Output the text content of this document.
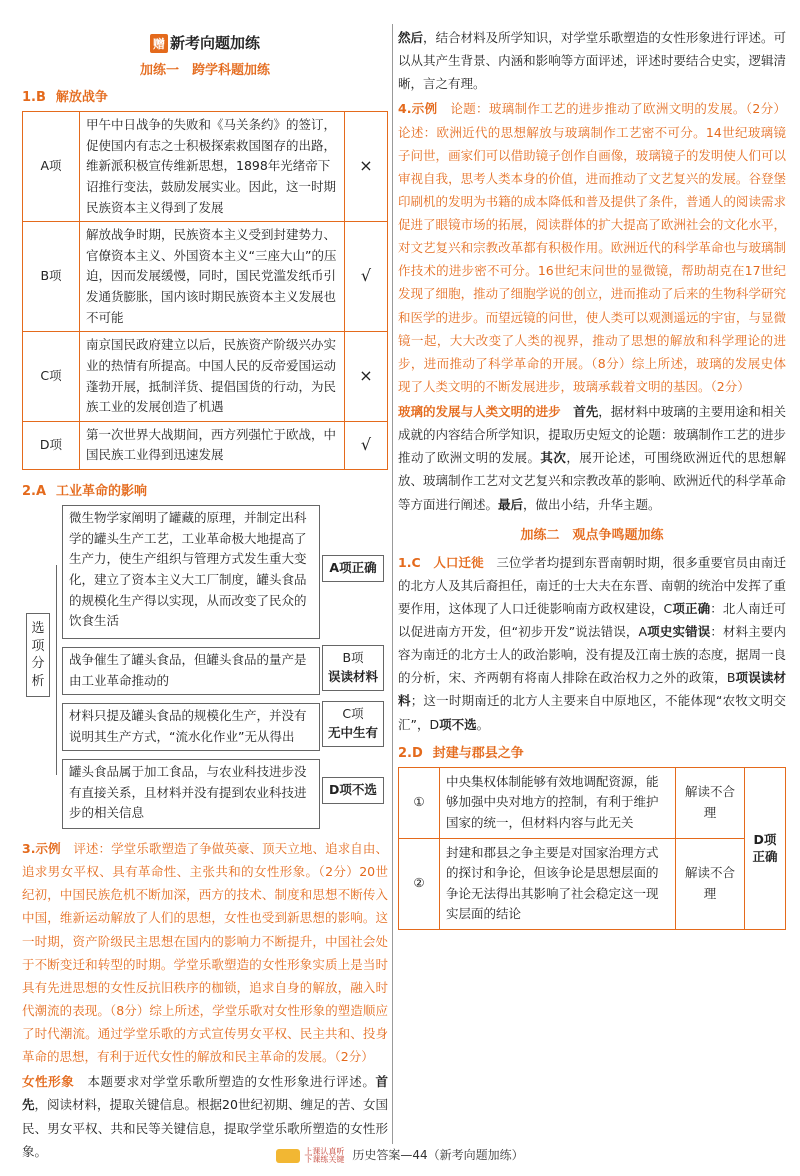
赠 新考向题加练
加练一　跨学科题加练
1.B 解放战争
A项	甲午中日战争的失败和《马关条约》的签订，促使国内有志之士积极探索救国图存的出路，维新派积极宣传维新思想，1898年光绪帝下诏推行变法，鼓励发展实业。因此，这一时期民族资本主义得到了发展	×
B项	解放战争时期，民族资本主义受到封建势力、官僚资本主义、外国资本主义“三座大山”的压迫，因而发展缓慢，同时，国民党滥发纸币引发通货膨胀，国内该时期民族资本主义发展也不可能	√
C项	南京国民政府建立以后，民族资产阶级兴办实业的热情有所提高。中国人民的反帝爱国运动蓬勃开展，抵制洋货、提倡国货的行动，为民族工业的发展创造了机遇	×
D项	第一次世界大战期间，西方列强忙于欧战，中国民族工业得到迅速发展	√
2.A 工业革命的影响
选项分析
微生物学家阐明了罐藏的原理，并制定出科学的罐头生产工艺，工业革命极大地提高了生产力，使生产组织与管理方式发生重大变化，建立了资本主义大工厂制度，罐头食品的规模化生产得以实现，从而改变了民众的饮食生活
A项正确
战争催生了罐头食品，但罐头食品的量产是由工业革命推动的
B项
误读材料
材料只提及罐头食品的规模化生产，并没有说明其生产方式，“流水化作业”无从得出
C项
无中生有
罐头食品属于加工食品，与农业科技进步没有直接关系，且材料并没有提到农业科技进步的相关信息
D项不选
3.示例　 评述：学堂乐歌塑造了争做英豪、顶天立地、追求自由、追求男女平权、具有革命性、主张共和的女性形象。（2分）20世纪初，中国民族危机不断加深，西方的技术、制度和思想不断传入中国，维新运动解放了人们的思想，女性也受到新思想的影响。这一时期，资产阶级民主思想在国内的影响力不断提升，中国社会处于不断变迁和转型的时期。学堂乐歌塑造的女性形象实质上是当时具有先进思想的女性反抗旧秩序的枷锁，追求自身的解放，融入时代潮流的表现。（8分）综上所述，学堂乐歌对女性形象的塑造顺应了时代潮流。通过学堂乐歌的方式宣传男女平权、民主共和、投身革命的思想，有利于近代女性的解放和民主革命的发展。（2分）
女性形象　 本题要求对学堂乐歌所塑造的女性形象进行评述。首先，阅读材料，提取关键信息。根据20世纪初期、缠足的苦、女国民、男女平权、共和民等关键信息，提取学堂乐歌所塑造的女性形象。
然后，结合材料及所学知识，对学堂乐歌塑造的女性形象进行评述。可以从其产生背景、内涵和影响等方面评述，评述时要结合史实，逻辑清晰，言之有理。
4.示例　 论题：玻璃制作工艺的进步推动了欧洲文明的发展。（2分）论述：欧洲近代的思想解放与玻璃制作工艺密不可分。14世纪玻璃镜子问世，画家们可以借助镜子创作自画像，玻璃镜子的发明使人们可以审视自我，思考人类本身的价值，进而推动了文艺复兴的发展。谷登堡印刷机的发明为书籍的成本降低和普及提供了条件，普通人的阅读需求促进了眼镜市场的拓展，阅读群体的扩大提高了欧洲社会的文化水平，对文艺复兴和宗教改革都有积极作用。欧洲近代的科学革命也与玻璃制作技术的进步密不可分。16世纪末问世的显微镜，帮助胡克在17世纪发现了细胞，推动了细胞学说的创立，进而推动了后来的生物科学研究和医学的进步。而望远镜的问世，使人类可以观测遥远的宇宙，与显微镜一起，大大改变了人类的视界，推动了思想的解放和科学理论的进步，进而推动了科学革命的开展。（8分）综上所述，玻璃的发展史体现了人类文明的不断发展进步，玻璃承载着文明的基因。（2分）
玻璃的发展与人类文明的进步　 首先，据材料中玻璃的主要用途和相关成就的内容结合所学知识，提取历史短文的论题：玻璃制作工艺的进步推动了欧洲文明的发展。其次，展开论述，可围绕欧洲近代的思想解放、玻璃制作工艺对文艺复兴和宗教改革的影响、欧洲近代的科学革命等方面进行阐述。最后，做出小结，升华主题。
加练二　观点争鸣题加练
1.C　 人口迁徙　 三位学者均提到东晋南朝时期，很多重要官员由南迁的北方人及其后裔担任，南迁的士大夫在东晋、南朝的统治中发挥了重要作用，这体现了人口迁徙影响南方政权建设，C项正确：北人南迁可以促进南方开发，但“初步开发”说法错误，A项史实错误：材料主要内容为南迁的北方士人的政治影响，没有提及江南士族的态度，据周一良的分析，宋、齐两朝有将南人排除在政治权力之外的政策，B项误读材料；这一时期南迁的北方人主要来自中原地区，不能体现“农牧文明交汇”，D项不选。
2.D 封建与郡县之争
①	中央集权体制能够有效地调配资源，能够加强中央对地方的控制，有利于维护国家的统一，但材料内容与此无关	解读不合理	D项正确
②	封建和郡县之争主要是对国家治理方式的探讨和争论，但该争论是思想层面的争论无法得出其影响了社会稳定这一现实层面的结论	解读不合理	
上课认真听
下课练关键 历史答案—44（新考向题加练）
